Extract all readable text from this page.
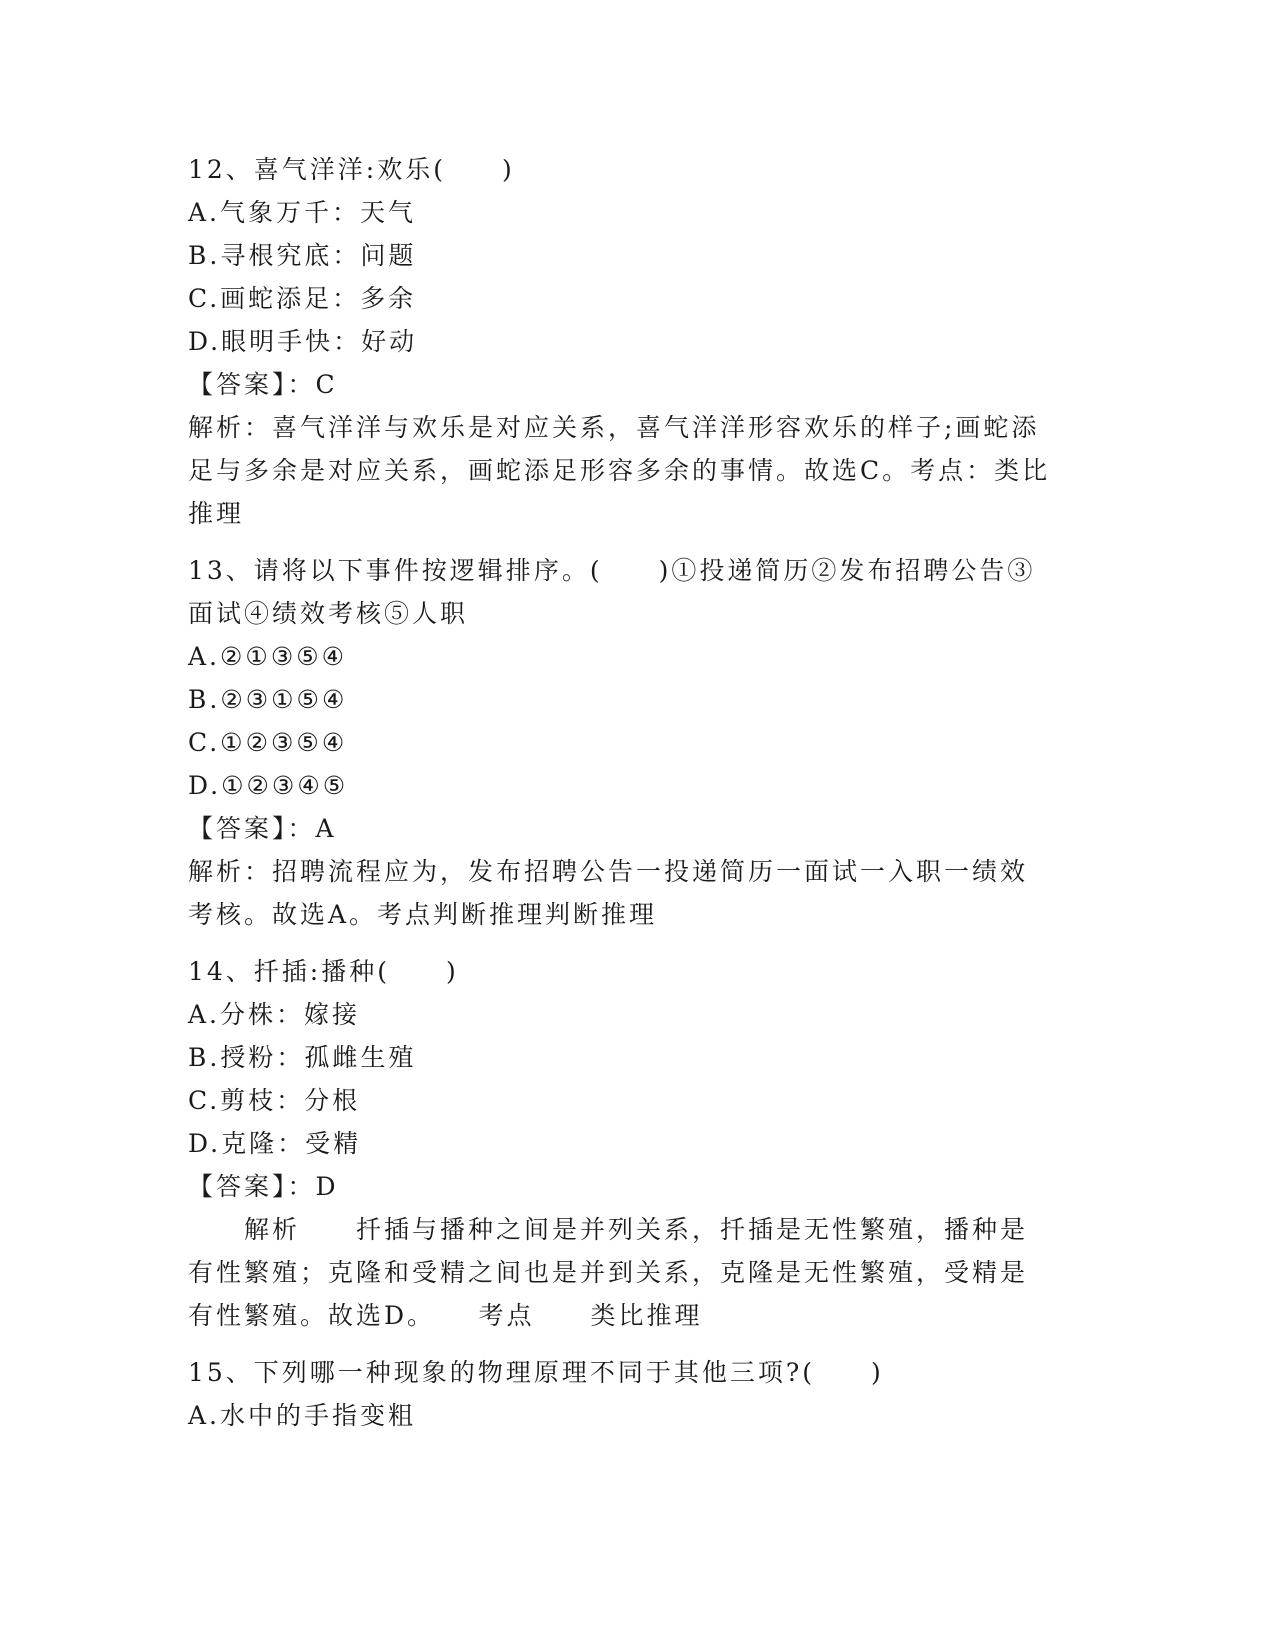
12、喜气洋洋:欢乐(　　)
A.气象万千：天气
B.寻根究底：问题
C.画蛇添足：多余
D.眼明手快：好动
【答案】：C
解析：喜气洋洋与欢乐是对应关系，喜气洋洋形容欢乐的样子;画蛇添
足与多余是对应关系，画蛇添足形容多余的事情。故选C。考点：类比
推理
13、请将以下事件按逻辑排序。(　　)①投递简历②发布招聘公告③
面试④绩效考核⑤人职
A.②①③⑤④
B.②③①⑤④
C.①②③⑤④
D.①②③④⑤
【答案】：A
解析：招聘流程应为，发布招聘公告一投递简历一面试一入职一绩效
考核。故选A。考点判断推理判断推理
14、扦插:播种(　　)
A.分株：嫁接
B.授粉：孤雌生殖
C.剪枝：分根
D.克隆：受精
【答案】：D
　　解析　　扦插与播种之间是并列关系，扦插是无性繁殖，播种是
有性繁殖；克隆和受精之间也是并到关系，克隆是无性繁殖，受精是
有性繁殖。故选D。　　考点　　类比推理
15、下列哪一种现象的物理原理不同于其他三项?(　　)
A.水中的手指变粗
